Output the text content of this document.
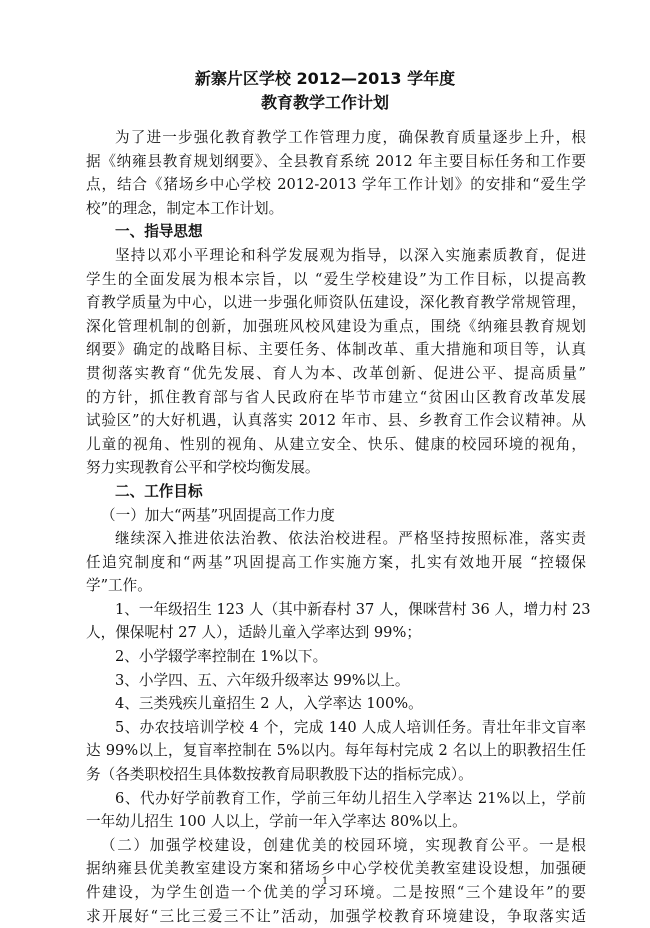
新寨片区学校 2012—2013 学年度
教育教学工作计划
为了进一步强化教育教学工作管理力度，确保教育质量逐步上升，根
据《纳雍县教育规划纲要》、全县教育系统 2012 年主要目标任务和工作要
点，结合《猪场乡中心学校 2012-2013 学年工作计划》的安排和“爱生学
校”的理念，制定本工作计划。
一、指导思想
坚持以邓小平理论和科学发展观为指导，以深入实施素质教育，促进
学生的全面发展为根本宗旨，以 “爱生学校建设”为工作目标，以提高教
育教学质量为中心，以进一步强化师资队伍建设，深化教育教学常规管理，
深化管理机制的创新，加强班风校风建设为重点，围绕《纳雍县教育规划
纲要》确定的战略目标、主要任务、体制改革、重大措施和项目等，认真
贯彻落实教育“优先发展、育人为本、改革创新、促进公平、提高质量”
的方针，抓住教育部与省人民政府在毕节市建立“贫困山区教育改革发展
试验区”的大好机遇，认真落实 2012 年市、县、乡教育工作会议精神。从
儿童的视角、性别的视角、从建立安全、快乐、健康的校园环境的视角，
努力实现教育公平和学校均衡发展。
二、工作目标
（一）加大“两基”巩固提高工作力度
继续深入推进依法治教、依法治校进程。严格坚持按照标准，落实责
任追究制度和“两基”巩固提高工作实施方案，扎实有效地开展 “控辍保
学”工作。
1、一年级招生 123 人（其中新春村 37 人，倮咪营村 36 人，增力村 23
人，倮保呢村 27 人），适龄儿童入学率达到 99%；
2、小学辍学率控制在 1%以下。
3、小学四、五、六年级升级率达 99%以上。
4、三类残疾儿童招生 2 人，入学率达 100%。
5、办农技培训学校 4 个，完成 140 人成人培训任务。青壮年非文盲率
达 99%以上，复盲率控制在 5%以内。每年每村完成 2 名以上的职教招生任
务（各类职校招生具体数按教育局职教股下达的指标完成）。
6、代办好学前教育工作，学前三年幼儿招生入学率达 21%以上，学前
一年幼儿招生 100 人以上，学前一年入学率达 80%以上。
（二）加强学校建设，创建优美的校园环境，实现教育公平。一是根
据纳雍县优美教室建设方案和猪场乡中心学校优美教室建设设想，加强硬
件建设，为学生创造一个优美的学习环境。二是按照“三个建设年”的要
求开展好“三比三爱三不让”活动，加强学校教育环境建设，争取落实适
1
